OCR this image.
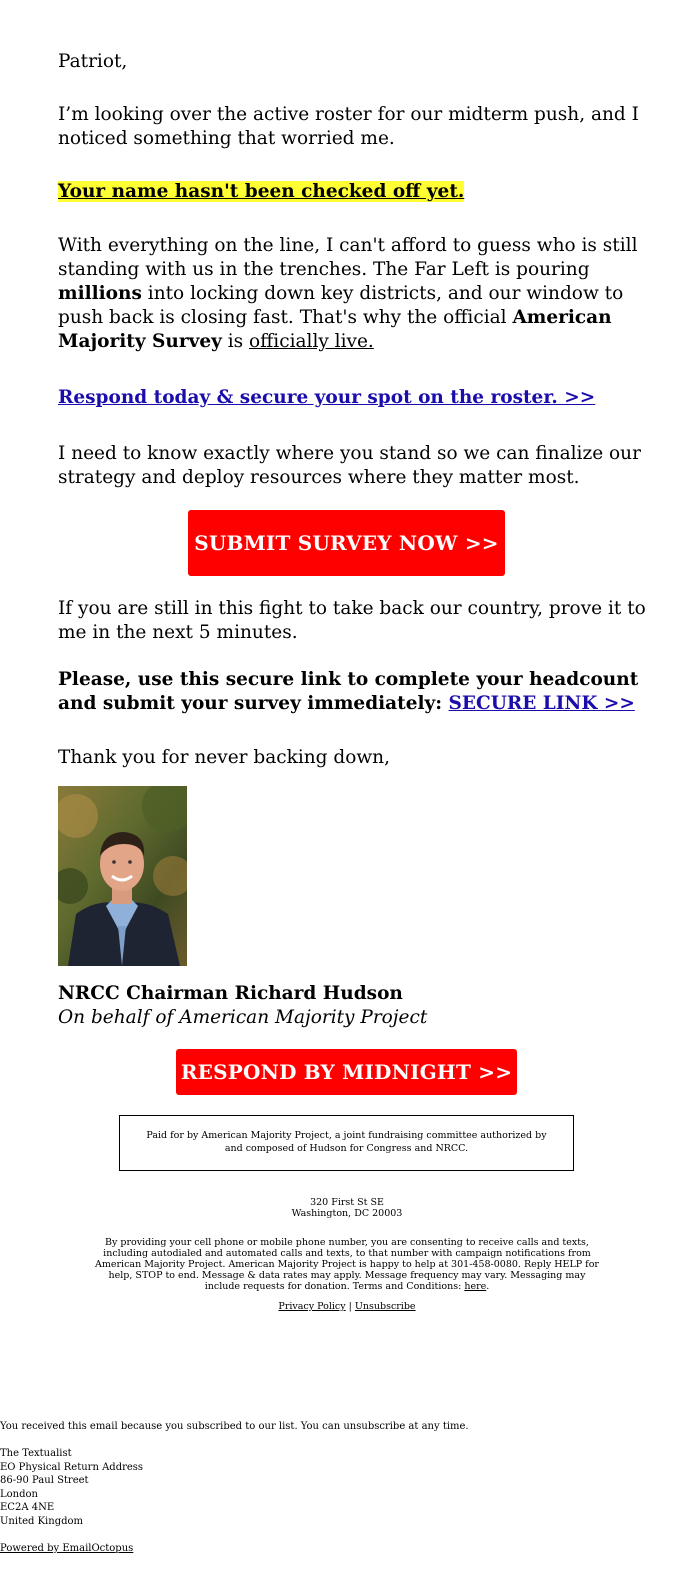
Patriot,

I’m looking over the active roster for our midterm push, and I noticed something that worried me.

Your name hasn't been checked off yet.

With everything on the line, I can't afford to guess who is still standing with us in the trenches. The Far Left is pouring millions into locking down key districts, and our window to push back is closing fast. That's why the official American Majority Survey is officially live.

Respond today & secure your spot on the roster. >>

I need to know exactly where you stand so we can finalize our strategy and deploy resources where they matter most.

If you are still in this fight to take back our country, prove it to me in the next 5 minutes.

Please, use this secure link to complete your headcount and submit your survey immediately: SECURE LINK >>

Thank you for never backing down,

NRCC Chairman Richard Hudson

On behalf of American Majority Project

SUBMIT SURVEY NOW >>
RESPOND BY MIDNIGHT >>
Paid for by American Majority Project, a joint fundraising committee authorized by and composed of Hudson for Congress and NRCC.
320 First St SE
Washington, DC 20003
By providing your cell phone or mobile phone number, you are consenting to receive calls and texts, including autodialed and automated calls and texts, to that number with campaign notifications from American Majority Project. American Majority Project is happy to help at 301-458-0080. Reply HELP for help, STOP to end. Message & data rates may apply. Message frequency may vary. Messaging may include requests for donation. Terms and Conditions: here.
Privacy Policy | Unsubscribe
You received this email because you subscribed to our list. You can unsubscribe at any time.
The Textualist
EO Physical Return Address
86-90 Paul Street
London
EC2A 4NE
United Kingdom
Powered by EmailOctopus
